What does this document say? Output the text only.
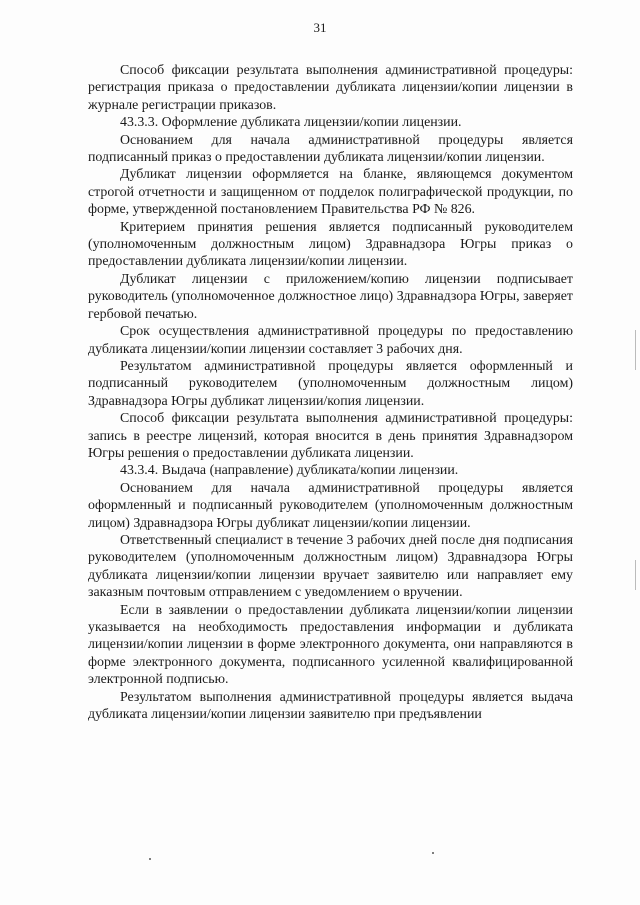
31

Способ фиксации результата выполнения административной процедуры: регистрация приказа о предоставлении дубликата лицензии/копии лицензии в журнале регистрации приказов.

43.3.3. Оформление дубликата лицензии/копии лицензии.

Основанием для начала административной процедуры является подписанный приказ о предоставлении дубликата лицензии/копии лицензии.

Дубликат лицензии оформляется на бланке, являющемся документом строгой отчетности и защищенном от подделок полиграфической продукции, по форме, утвержденной постановлением Правительства РФ № 826.

Критерием принятия решения является подписанный руководителем (уполномоченным должностным лицом) Здравнадзора Югры приказ о предоставлении дубликата лицензии/копии лицензии.

Дубликат лицензии с приложением/копию лицензии подписывает руководитель (уполномоченное должностное лицо) Здравнадзора Югры, заверяет гербовой печатью.

Срок осуществления административной процедуры по предоставлению дубликата лицензии/копии лицензии составляет 3 рабочих дня.

Результатом административной процедуры является оформленный и подписанный руководителем (уполномоченным должностным лицом) Здравнадзора Югры дубликат лицензии/копия лицензии.

Способ фиксации результата выполнения административной процедуры: запись в реестре лицензий, которая вносится в день принятия Здравнадзором Югры решения о предоставлении дубликата лицензии.

43.3.4. Выдача (направление) дубликата/копии лицензии.

Основанием для начала административной процедуры является оформленный и подписанный руководителем (уполномоченным должностным лицом) Здравнадзора Югры дубликат лицензии/копии лицензии.

Ответственный специалист в течение 3 рабочих дней после дня подписания руководителем (уполномоченным должностным лицом) Здравнадзора Югры дубликата лицензии/копии лицензии вручает заявителю или направляет ему заказным почтовым отправлением с уведомлением о вручении.

Если в заявлении о предоставлении дубликата лицензии/копии лицензии указывается на необходимость предоставления информации и дубликата лицензии/копии лицензии в форме электронного документа, они направляются в форме электронного документа, подписанного усиленной квалифицированной электронной подписью.

Результатом выполнения административной процедуры является выдача дубликата лицензии/копии лицензии заявителю при предъявлении
